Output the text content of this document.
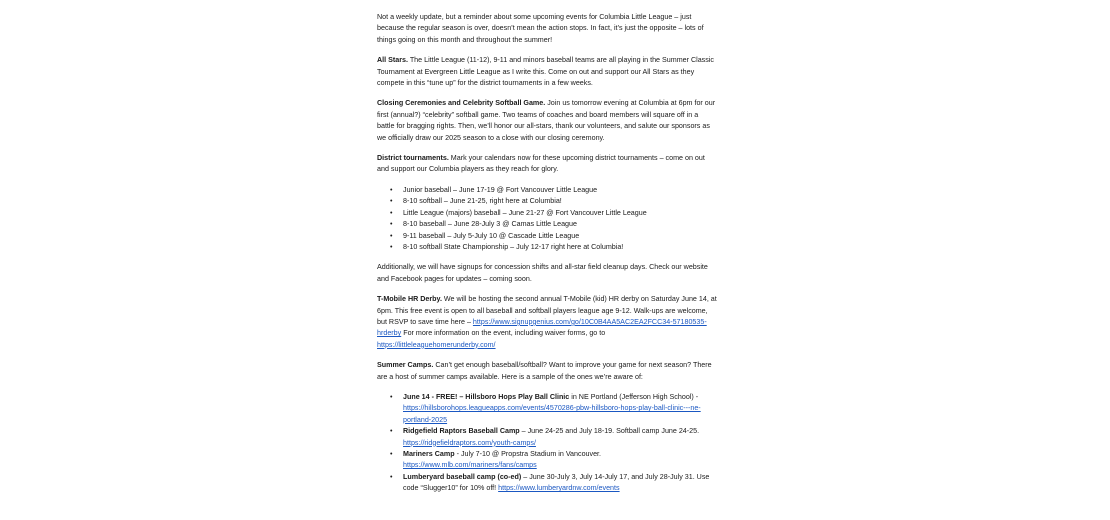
Not a weekly update, but a reminder about some upcoming events for Columbia Little League – just because the regular season is over, doesn’t mean the action stops. In fact, it’s just the opposite – lots of things going on this month and throughout the summer!

All Stars. The Little League (11-12), 9-11 and minors baseball teams are all playing in the Summer Classic Tournament at Evergreen Little League as I write this. Come on out and support our All Stars as they compete in this “tune up” for the district tournaments in a few weeks.

Closing Ceremonies and Celebrity Softball Game. Join us tomorrow evening at Columbia at 6pm for our first (annual?) “celebrity” softball game. Two teams of coaches and board members will square off in a battle for bragging rights. Then, we’ll honor our all-stars, thank our volunteers, and salute our sponsors as we officially draw our 2025 season to a close with our closing ceremony.

District tournaments. Mark your calendars now for these upcoming district tournaments – come on out and support our Columbia players as they reach for glory.

• Junior baseball – June 17-19 @ Fort Vancouver Little League
• 8-10 softball – June 21-25, right here at Columbia!
• Little League (majors) baseball – June 21-27 @ Fort Vancouver Little League
• 8-10 baseball – June 28-July 3 @ Camas Little League
• 9-11 baseball – July 5-July 10 @ Cascade Little League
• 8-10 softball State Championship – July 12-17 right here at Columbia!

Additionally, we will have signups for concession shifts and all-star field cleanup days. Check our website and Facebook pages for updates – coming soon.

T-Mobile HR Derby. We will be hosting the second annual T-Mobile (kid) HR derby on Saturday June 14, at 6pm. This free event is open to all baseball and softball players league age 9-12. Walk-ups are welcome, but RSVP to save time here – https://www.signupgenius.com/go/10C0B4AA5AC2EA2FCC34-57180535-hrderby For more information on the event, including waiver forms, go to https://littleleaguehomerunderby.com/

Summer Camps. Can’t get enough baseball/softball? Want to improve your game for next season? There are a host of summer camps available. Here is a sample of the ones we’re aware of:

• June 14 - FREE! – Hillsboro Hops Play Ball Clinic in NE Portland (Jefferson High School) - https://hillsborohops.leagueapps.com/events/4570286-pbw-hillsboro-hops-play-ball-clinic---ne-portland-2025
• Ridgefield Raptors Baseball Camp – June 24-25 and July 18-19. Softball camp June 24-25. https://ridgefieldraptors.com/youth-camps/
• Mariners Camp - July 7-10 @ Propstra Stadium in Vancouver. https://www.mlb.com/mariners/fans/camps
• Lumberyard baseball camp (co-ed) – June 30-July 3, July 14-July 17, and July 28-July 31. Use code “Slugger10” for 10% off! https://www.lumberyardnw.com/events
